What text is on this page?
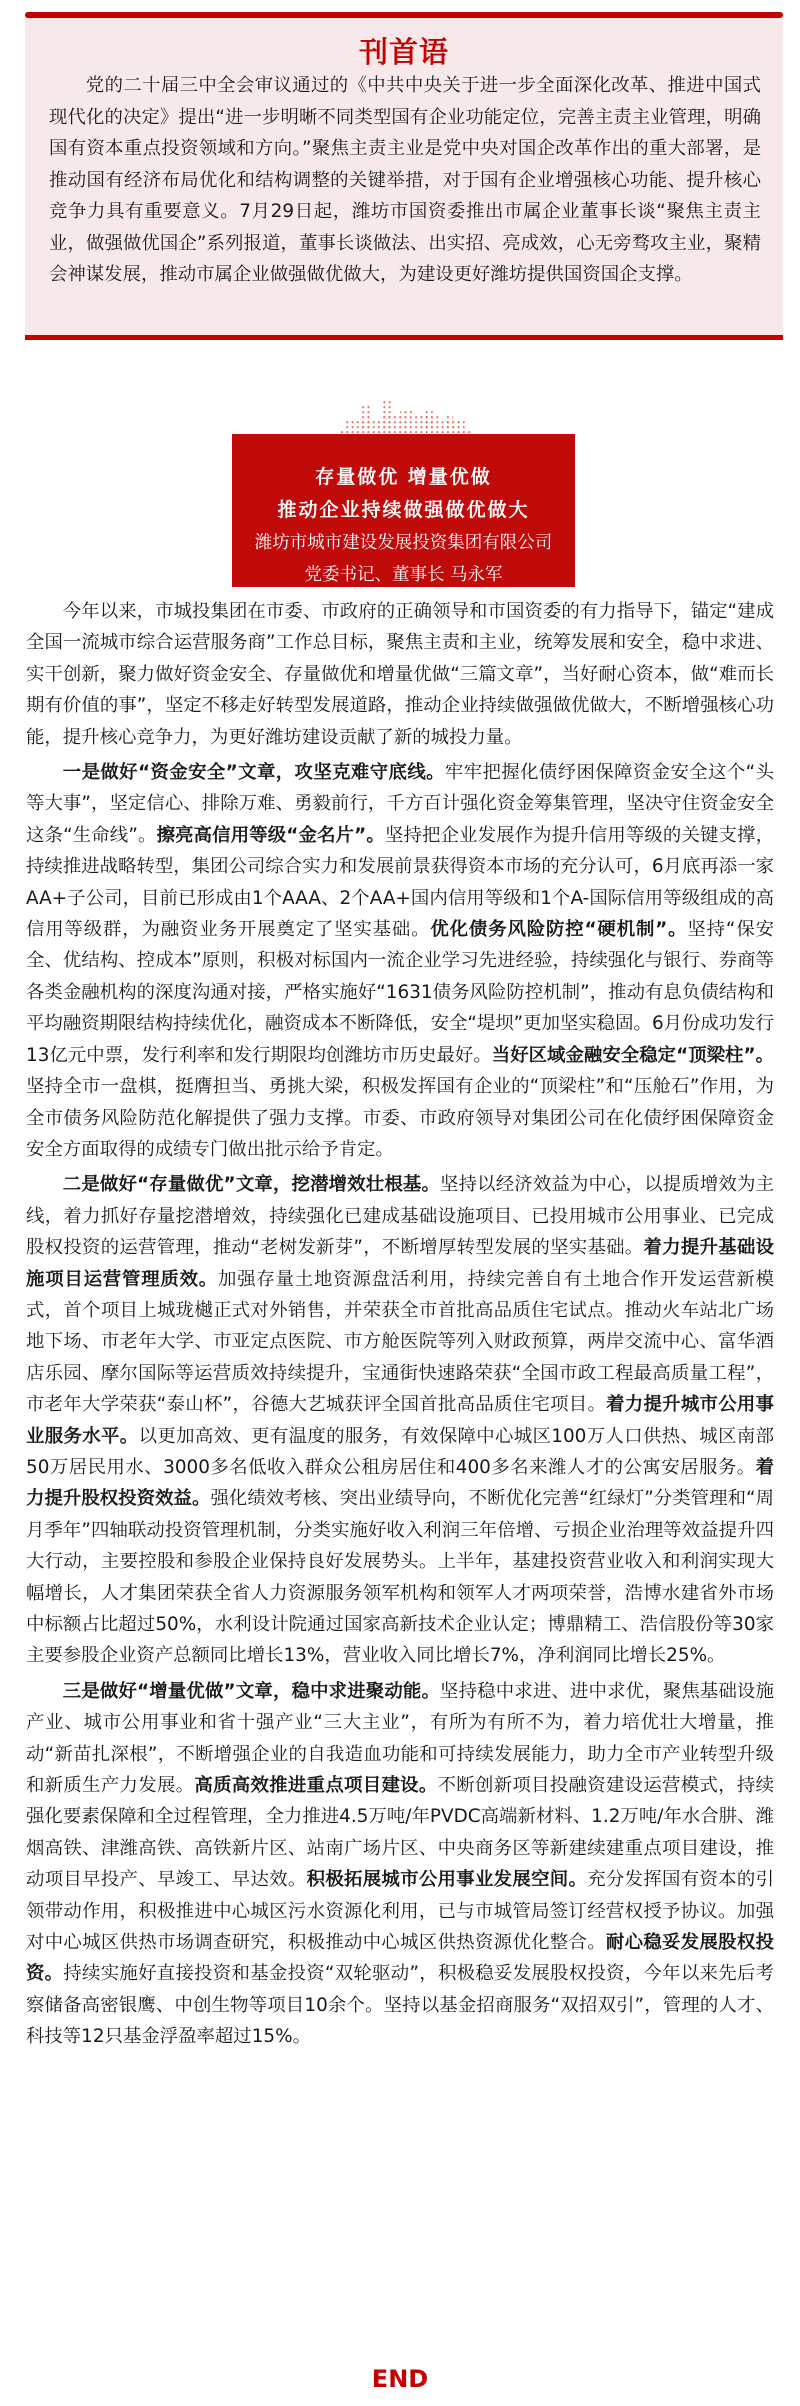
刊首语

党的二十届三中全会审议通过的《中共中央关于进一步全面深化改革、推进中国式现代化的决定》提出“进一步明晰不同类型国有企业功能定位，完善主责主业管理，明确国有资本重点投资领域和方向。”聚焦主责主业是党中央对国企改革作出的重大部署，是推动国有经济布局优化和结构调整的关键举措，对于国有企业增强核心功能、提升核心竞争力具有重要意义。7月29日起，潍坊市国资委推出市属企业董事长谈“聚焦主责主业，做强做优国企”系列报道，董事长谈做法、出实招、亮成效，心无旁骛攻主业，聚精会神谋发展，推动市属企业做强做优做大，为建设更好潍坊提供国资国企支撑。

存量做优 增量优做
推动企业持续做强做优做大
潍坊市城市建设发展投资集团有限公司
党委书记、董事长 马永军

今年以来，市城投集团在市委、市政府的正确领导和市国资委的有力指导下，锚定“建成全国一流城市综合运营服务商”工作总目标，聚焦主责和主业，统筹发展和安全，稳中求进、实干创新，聚力做好资金安全、存量做优和增量优做“三篇文章”，当好耐心资本，做“难而长期有价值的事”，坚定不移走好转型发展道路，推动企业持续做强做优做大，不断增强核心功能，提升核心竞争力，为更好潍坊建设贡献了新的城投力量。

一是做好“资金安全”文章，攻坚克难守底线。牢牢把握化债纾困保障资金安全这个“头等大事”，坚定信心、排除万难、勇毅前行，千方百计强化资金筹集管理，坚决守住资金安全这条“生命线”。擦亮高信用等级“金名片”。坚持把企业发展作为提升信用等级的关键支撑，持续推进战略转型，集团公司综合实力和发展前景获得资本市场的充分认可，6月底再添一家AA+子公司，目前已形成由1个AAA、2个AA+国内信用等级和1个A-国际信用等级组成的高信用等级群，为融资业务开展奠定了坚实基础。优化债务风险防控“硬机制”。坚持“保安全、优结构、控成本”原则，积极对标国内一流企业学习先进经验，持续强化与银行、券商等各类金融机构的深度沟通对接，严格实施好“1631债务风险防控机制”，推动有息负债结构和平均融资期限结构持续优化，融资成本不断降低，安全“堤坝”更加坚实稳固。6月份成功发行13亿元中票，发行利率和发行期限均创潍坊市历史最好。当好区域金融安全稳定“顶梁柱”。坚持全市一盘棋，挺膺担当、勇挑大梁，积极发挥国有企业的“顶梁柱”和“压舱石”作用，为全市债务风险防范化解提供了强力支撑。市委、市政府领导对集团公司在化债纾困保障资金安全方面取得的成绩专门做出批示给予肯定。

二是做好“存量做优”文章，挖潜增效壮根基。坚持以经济效益为中心，以提质增效为主线，着力抓好存量挖潜增效，持续强化已建成基础设施项目、已投用城市公用事业、已完成股权投资的运营管理，推动“老树发新芽”，不断增厚转型发展的坚实基础。着力提升基础设施项目运营管理质效。加强存量土地资源盘活利用，持续完善自有土地合作开发运营新模式，首个项目上城珑樾正式对外销售，并荣获全市首批高品质住宅试点。推动火车站北广场地下场、市老年大学、市亚定点医院、市方舱医院等列入财政预算，两岸交流中心、富华酒店乐园、摩尔国际等运营质效持续提升，宝通街快速路荣获“全国市政工程最高质量工程”，市老年大学荣获“泰山杯”，谷德大艺城获评全国首批高品质住宅项目。着力提升城市公用事业服务水平。以更加高效、更有温度的服务，有效保障中心城区100万人口供热、城区南部50万居民用水、3000多名低收入群众公租房居住和400多名来潍人才的公寓安居服务。着力提升股权投资效益。强化绩效考核、突出业绩导向，不断优化完善“红绿灯”分类管理和“周月季年”四轴联动投资管理机制，分类实施好收入利润三年倍增、亏损企业治理等效益提升四大行动，主要控股和参股企业保持良好发展势头。上半年，基建投资营业收入和利润实现大幅增长，人才集团荣获全省人力资源服务领军机构和领军人才两项荣誉，浩博水建省外市场中标额占比超过50%，水利设计院通过国家高新技术企业认定；博鼎精工、浩信股份等30家主要参股企业资产总额同比增长13%，营业收入同比增长7%，净利润同比增长25%。

三是做好“增量优做”文章，稳中求进聚动能。坚持稳中求进、进中求优，聚焦基础设施产业、城市公用事业和省十强产业“三大主业”，有所为有所不为，着力培优壮大增量，推动“新苗扎深根”，不断增强企业的自我造血功能和可持续发展能力，助力全市产业转型升级和新质生产力发展。高质高效推进重点项目建设。不断创新项目投融资建设运营模式，持续强化要素保障和全过程管理，全力推进4.5万吨/年PVDC高端新材料、1.2万吨/年水合肼、潍烟高铁、津潍高铁、高铁新片区、站南广场片区、中央商务区等新建续建重点项目建设，推动项目早投产、早竣工、早达效。积极拓展城市公用事业发展空间。充分发挥国有资本的引领带动作用，积极推进中心城区污水资源化利用，已与市城管局签订经营权授予协议。加强对中心城区供热市场调查研究，积极推动中心城区供热资源优化整合。耐心稳妥发展股权投资。持续实施好直接投资和基金投资“双轮驱动”，积极稳妥发展股权投资，今年以来先后考察储备高密银鹰、中创生物等项目10余个。坚持以基金招商服务“双招双引”，管理的人才、科技等12只基金浮盈率超过15%。

END
